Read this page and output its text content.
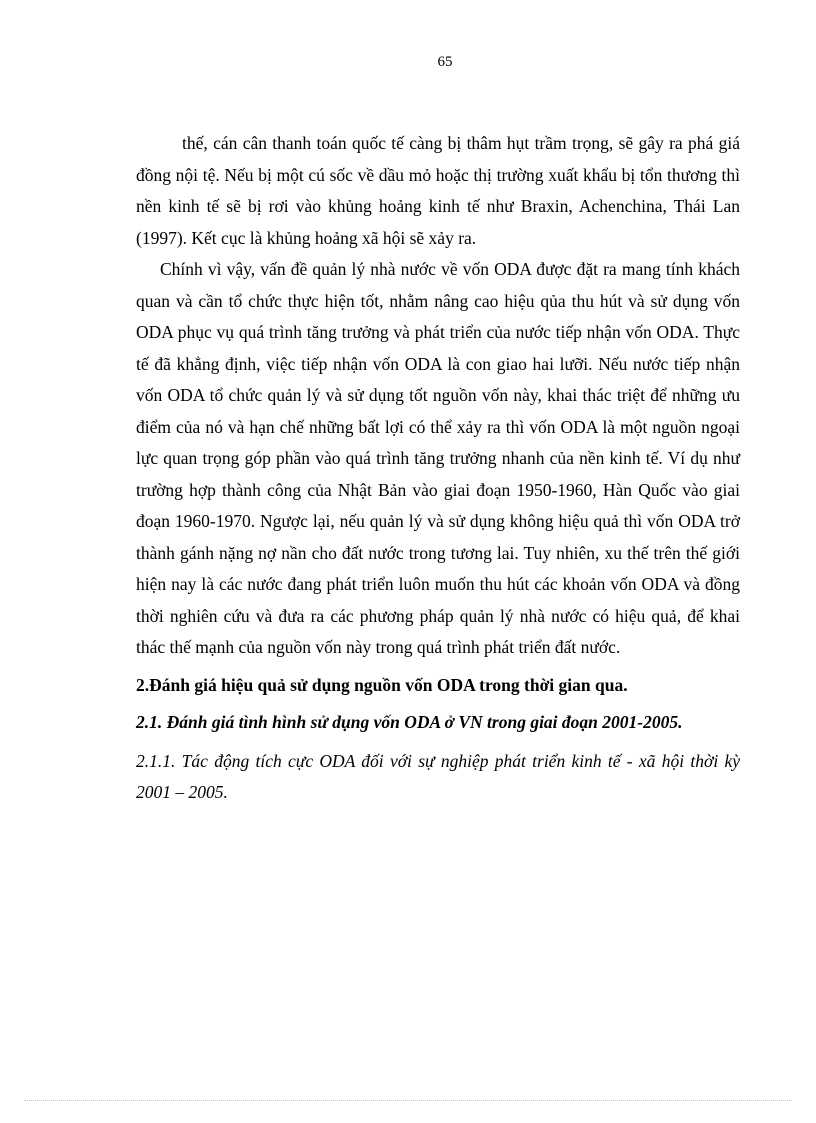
65

thế, cán cân thanh toán quốc tế càng bị thâm hụt trầm trọng, sẽ gây ra phá giá đồng nội tệ. Nếu bị một cú sốc về dầu mỏ hoặc thị trường xuất khẩu bị tổn thương thì nền kinh tế sẽ bị rơi vào khủng hoảng kinh tế như Braxin, Achenchina, Thái Lan (1997). Kết cục là khủng hoảng xã hội sẽ xảy ra.

Chính vì vậy, vấn đề quản lý nhà nước về vốn ODA được đặt ra mang tính khách quan và cần tổ chức thực hiện tốt, nhằm nâng cao hiệu qủa thu hút và sử dụng vốn ODA phục vụ quá trình tăng trưởng và phát triển của nước tiếp nhận vốn ODA. Thực tế đã khẳng định, việc tiếp nhận vốn ODA là con giao hai lưỡi. Nếu nước tiếp nhận vốn ODA tổ chức quản lý và sử dụng tốt nguồn vốn này, khai thác triệt để những ưu điểm của nó và hạn chế những bất lợi có thể xảy ra thì vốn ODA là một nguồn ngoại lực quan trọng góp phần vào quá trình tăng trưởng nhanh của nền kinh tế. Ví dụ như trường hợp thành công của Nhật Bản vào giai đoạn 1950-1960, Hàn Quốc vào giai đoạn 1960-1970. Ngược lại, nếu quản lý và sử dụng không hiệu quả thì vốn ODA trở thành gánh nặng nợ nần cho đất nước trong tương lai. Tuy nhiên, xu thế trên thế giới hiện nay là các nước đang phát triển luôn muốn thu hút các khoản vốn ODA và đồng thời nghiên cứu và đưa ra các phương pháp quản lý nhà nước có hiệu quả, để khai thác thế mạnh của nguồn vốn này trong quá trình phát triển đất nước.

2.Đánh giá hiệu quả sử dụng nguồn vốn ODA trong thời gian qua.

2.1. Đánh giá tình hình sử dụng vốn ODA ở VN trong giai đoạn 2001-2005.

2.1.1. Tác động tích cực ODA đối với sự nghiệp phát triển kinh tế - xã hội thời kỳ 2001 – 2005.
